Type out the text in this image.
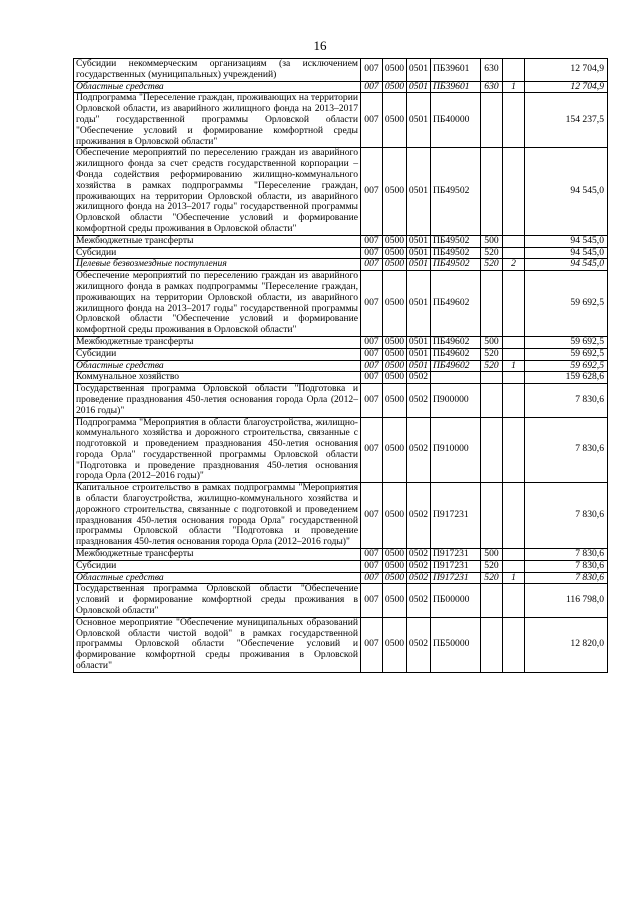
16
Субсидии некоммерческим организациям (за исключением государственных (муниципальных) учреждений)	007	0500	0501	ПБ39601	630		12 704,9
Областные средства	007	0500	0501	ПБ39601	630	1	12 704,9
Подпрограмма "Переселение граждан, проживающих на территории Орловской области, из аварийного жилищного фонда на 2013–2017 годы" государственной программы Орловской области "Обеспечение условий и формирование комфортной среды проживания в Орловской области"	007	0500	0501	ПБ40000			154 237,5
Обеспечение мероприятий по переселению граждан из аварийного жилищного фонда за счет средств государственной корпорации – Фонда содействия реформированию жилищно-коммунального хозяйства в рамках подпрограммы "Переселение граждан, проживающих на территории Орловской области, из аварийного жилищного фонда на 2013–2017 годы" государственной программы Орловской области "Обеспечение условий и формирование комфортной среды проживания в Орловской области"	007	0500	0501	ПБ49502			94 545,0
Межбюджетные трансферты	007	0500	0501	ПБ49502	500		94 545,0
Субсидии	007	0500	0501	ПБ49502	520		94 545,0
Целевые безвозмездные поступления	007	0500	0501	ПБ49502	520	2	94 545,0
Обеспечение мероприятий по переселению граждан из аварийного жилищного фонда в рамках подпрограммы "Переселение граждан, проживающих на территории Орловской области, из аварийного жилищного фонда на 2013–2017 годы" государственной программы Орловской области "Обеспечение условий и формирование комфортной среды проживания в Орловской области"	007	0500	0501	ПБ49602			59 692,5
Межбюджетные трансферты	007	0500	0501	ПБ49602	500		59 692,5
Субсидии	007	0500	0501	ПБ49602	520		59 692,5
Областные средства	007	0500	0501	ПБ49602	520	1	59 692,5
Коммунальное хозяйство	007	0500	0502				159 628,6
Государственная программа Орловской области "Подготовка и проведение празднования 450-летия основания города Орла (2012–2016 годы)"	007	0500	0502	П900000			7 830,6
Подпрограмма "Мероприятия в области благоустройства, жилищно-коммунального хозяйства и дорожного строительства, связанные с подготовкой и проведением празднования 450-летия основания города Орла" государственной программы Орловской области "Подготовка и проведение празднования 450-летия основания города Орла (2012–2016 годы)"	007	0500	0502	П910000			7 830,6
Капитальное строительство в рамках подпрограммы "Мероприятия в области благоустройства, жилищно-коммунального хозяйства и дорожного строительства, связанные с подготовкой и проведением празднования 450-летия основания города Орла" государственной программы Орловской области "Подготовка и проведение празднования 450-летия основания города Орла (2012–2016 годы)"	007	0500	0502	П917231			7 830,6
Межбюджетные трансферты	007	0500	0502	П917231	500		7 830,6
Субсидии	007	0500	0502	П917231	520		7 830,6
Областные средства	007	0500	0502	П917231	520	1	7 830,6
Государственная программа Орловской области "Обеспечение условий и формирование комфортной среды проживания в Орловской области"	007	0500	0502	ПБ00000			116 798,0
Основное мероприятие "Обеспечение муниципальных образований Орловской области чистой водой" в рамках государственной программы Орловской области "Обеспечение условий и формирование комфортной среды проживания в Орловской области"	007	0500	0502	ПБ50000			12 820,0
